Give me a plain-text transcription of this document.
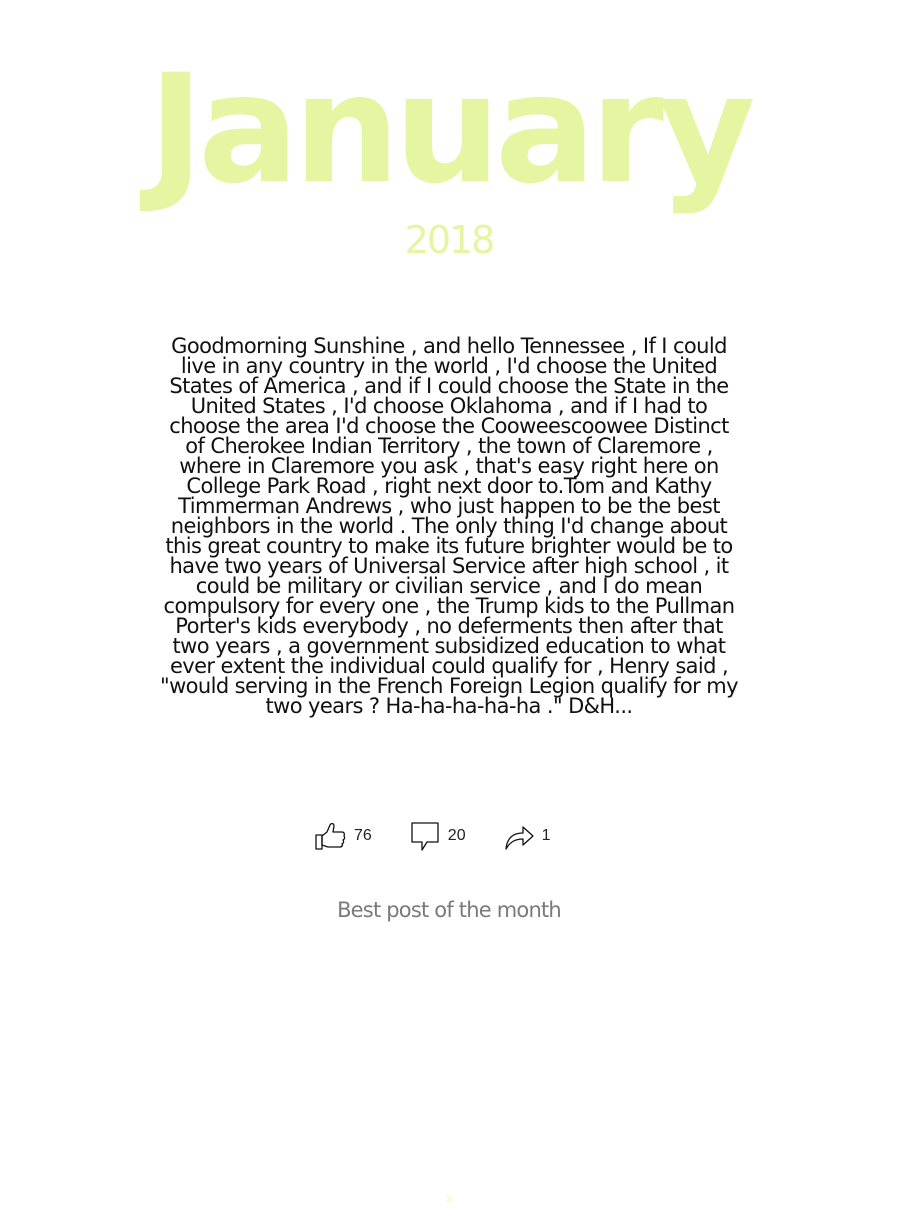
January
2018
Goodmorning Sunshine , and hello Tennessee , If I could live in any country in the world , I'd choose the United States of America , and if I could choose the State in the United States , I'd choose Oklahoma , and if I had to choose the area I'd choose the Cooweescoowee Distinct of Cherokee Indian Territory , the town of Claremore , where in Claremore you ask , that's easy right here on College Park Road , right next door to.Tom and Kathy Timmerman Andrews , who just happen to be the best neighbors in the world . The only thing I'd change about this great country to make its future brighter would be to have two years of Universal Service after high school , it could be military or civilian service , and I do mean compulsory for every one , the Trump kids to the Pullman Porter's kids everybody , no deferments then after that two years , a government subsidized education to what ever extent the individual could qualify for , Henry said , "would serving in the French Foreign Legion qualify for my two years ? Ha-ha-ha-ha-ha ." D&H...
76	20	1
Best post of the month
3
